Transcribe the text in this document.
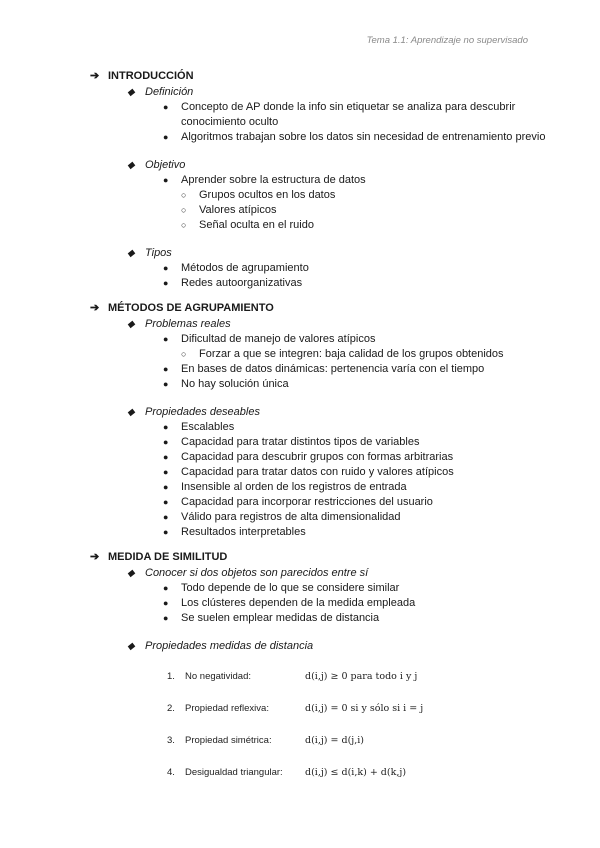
Tema 1.1: Aprendizaje no supervisado
➔ INTRODUCCIÓN
◆ Definición
● Concepto de AP donde la info sin etiquetar se analiza para descubrir conocimiento oculto
● Algoritmos trabajan sobre los datos sin necesidad de entrenamiento previo
◆ Objetivo
● Aprender sobre la estructura de datos
○ Grupos ocultos en los datos
○ Valores atípicos
○ Señal oculta en el ruido
◆ Tipos
● Métodos de agrupamiento
● Redes autoorganizativas
➔ MÉTODOS DE AGRUPAMIENTO
◆ Problemas reales
● Dificultad de manejo de valores atípicos
○ Forzar a que se integren: baja calidad de los grupos obtenidos
● En bases de datos dinámicas: pertenencia varía con el tiempo
● No hay solución única
◆ Propiedades deseables
● Escalables
● Capacidad para tratar distintos tipos de variables
● Capacidad para descubrir grupos con formas arbitrarias
● Capacidad para tratar datos con ruido y valores atípicos
● Insensible al orden de los registros de entrada
● Capacidad para incorporar restricciones del usuario
● Válido para registros de alta dimensionalidad
● Resultados interpretables
➔ MEDIDA DE SIMILITUD
◆ Conocer si dos objetos son parecidos entre sí
● Todo depende de lo que se considere similar
● Los clústeres dependen de la medida empleada
● Se suelen emplear medidas de distancia
◆ Propiedades medidas de distancia
1.	No negatividad:	d(i,j) ≥ 0 para todo i y j
2.	Propiedad reflexiva:	d(i,j) = 0 si y sólo si i = j
3.	Propiedad simétrica:	d(i,j) = d(j,i)
4.	Desigualdad triangular:	d(i,j) ≤ d(i,k) + d(k,j)
